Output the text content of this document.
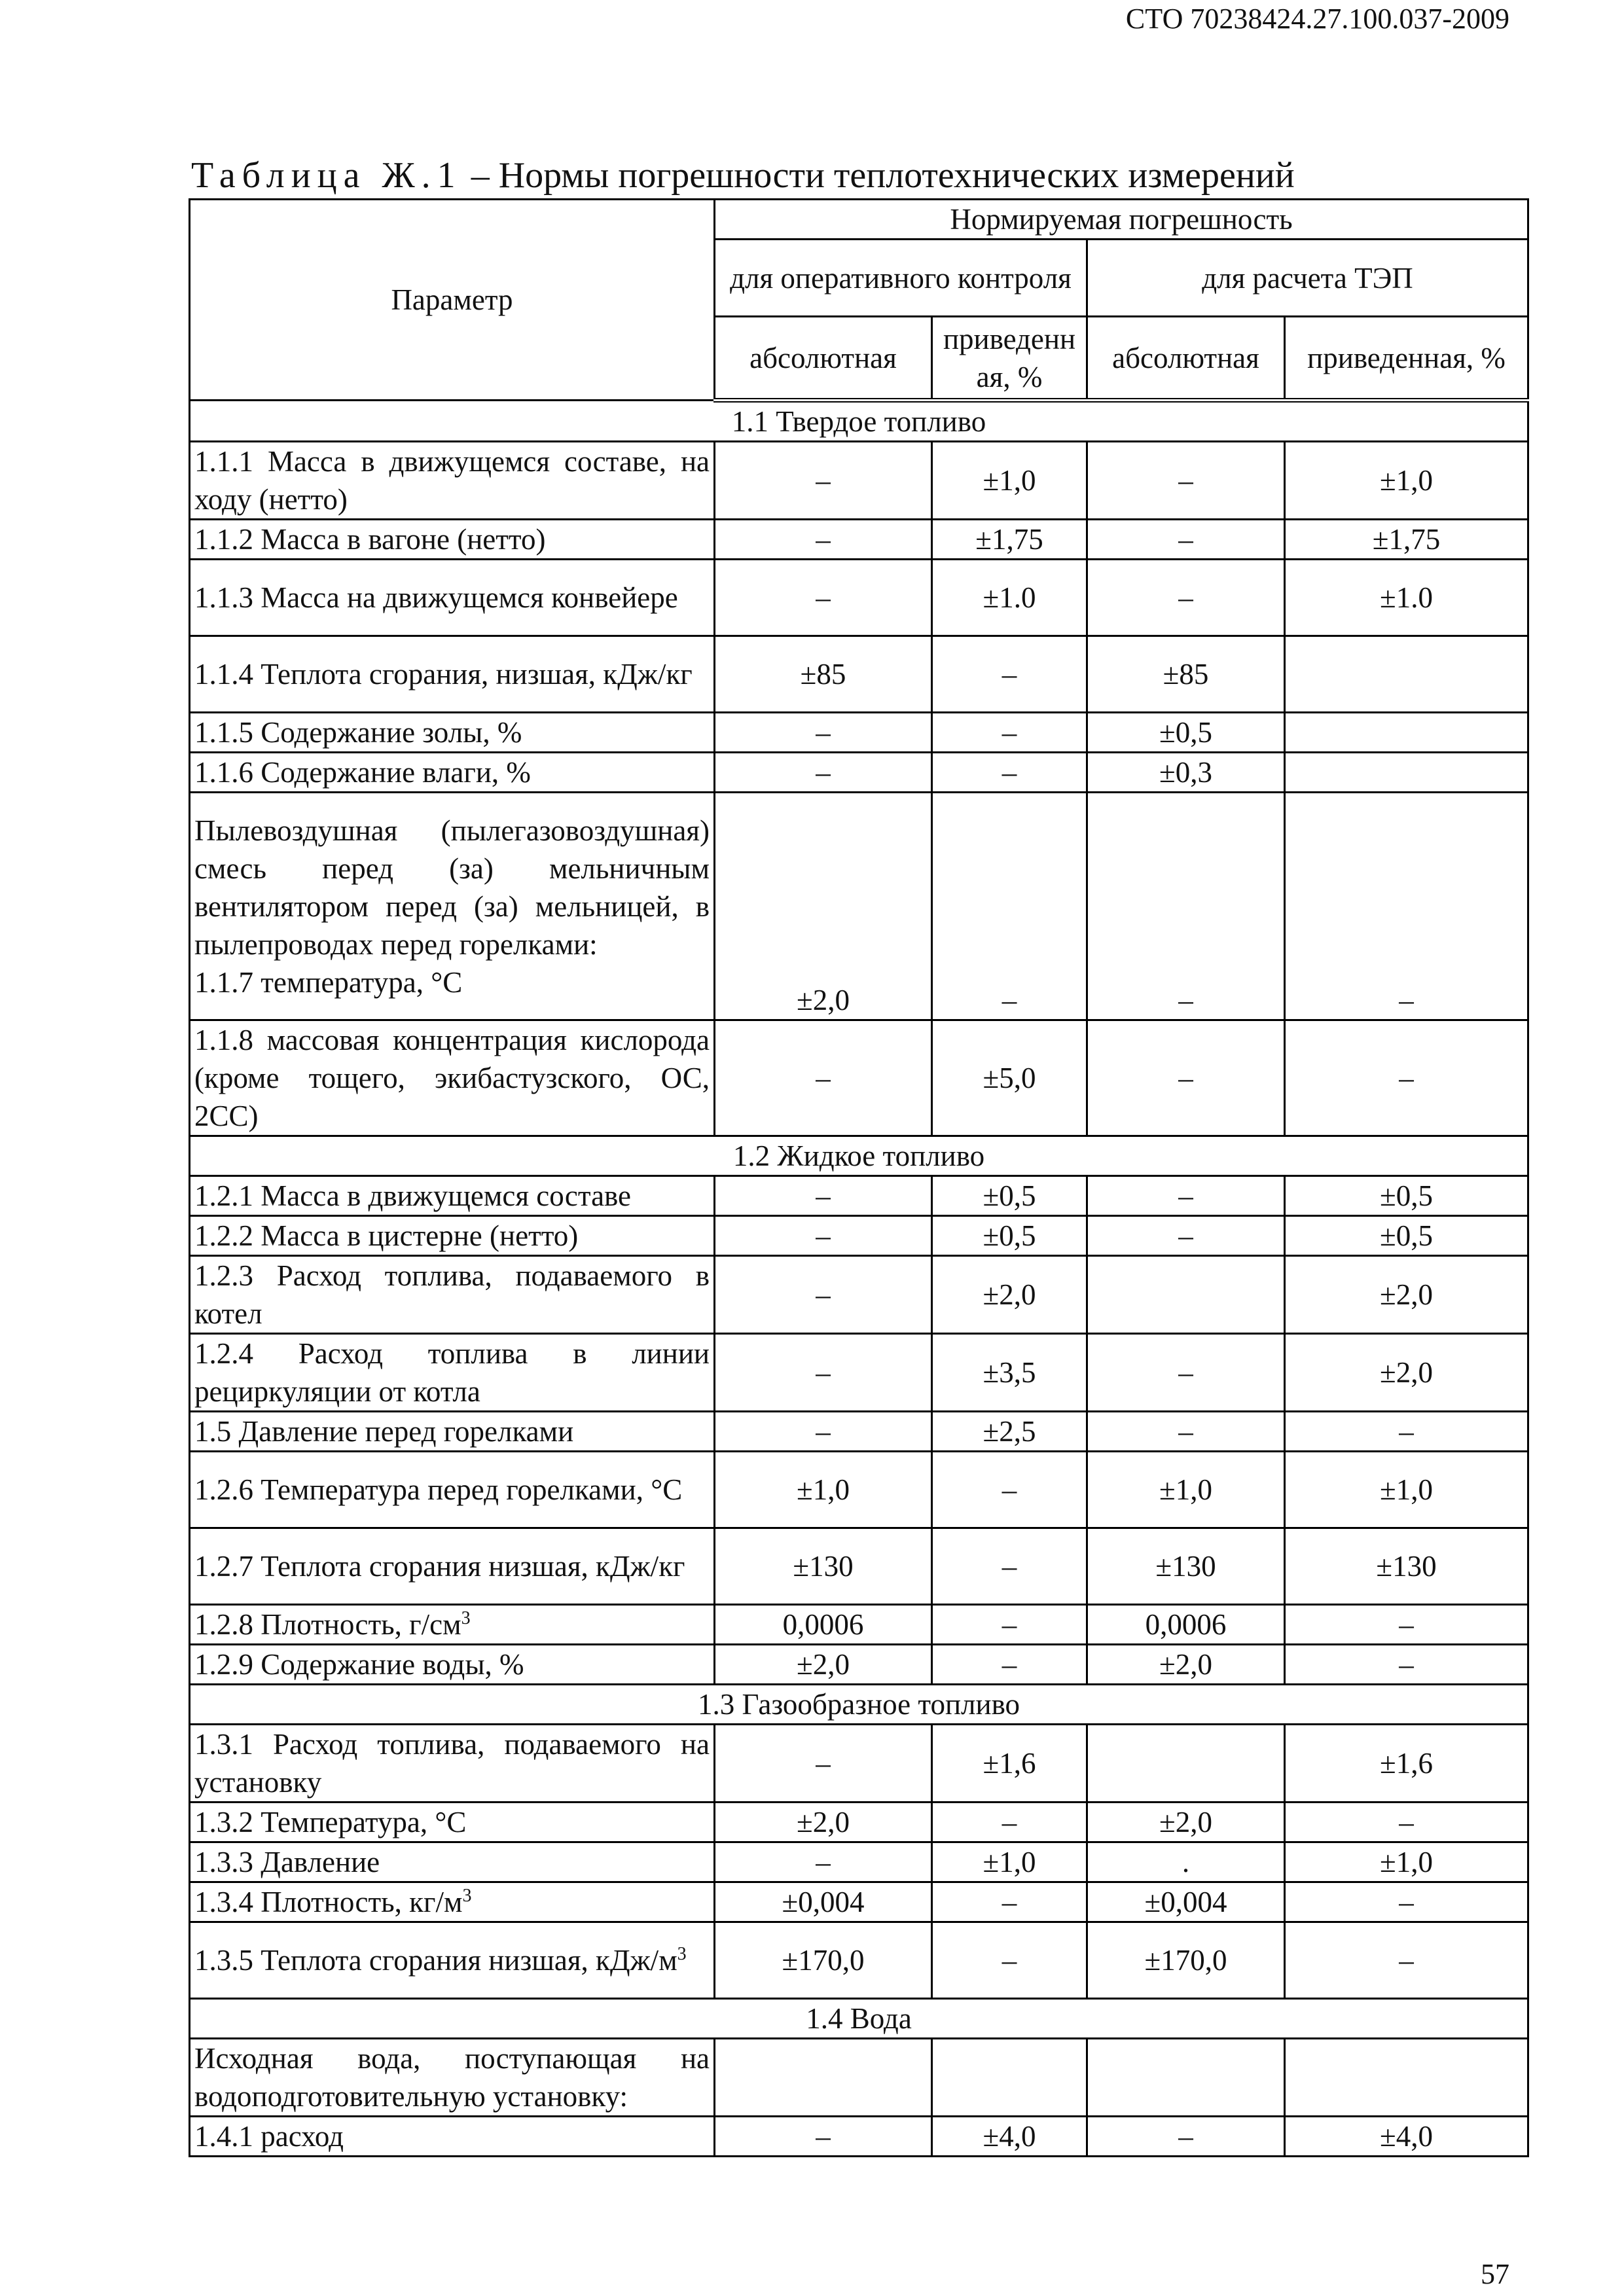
СТО 70238424.27.100.037-2009
Таблица Ж.1 – Нормы погрешности теплотехнических измерений
Параметр	Нормируемая погрешность			
	для оперативного контроля		для расчета ТЭП	
	абсолютная	приведенн ая, %	абсолютная	приведенная, %
1.1 Твердое топливо				
1.1.1 Масса в движущемся составе, на ходу (нетто)	–	±1,0	–	±1,0
1.1.2 Масса в вагоне (нетто)	–	±1,75	–	±1,75
1.1.3 Масса на движущемся конвейере	–	±1.0	–	±1.0
1.1.4 Теплота сгорания, низшая, кДж/кг	±85	–	±85	
1.1.5 Содержание золы, %	–	–	±0,5	
1.1.6 Содержание влаги, %	–	–	±0,3	
Пылевоздушная (пылегазовоздушная) смесь перед (за) мельничным вентилятором перед (за) мельницей, в пылепроводах перед горелками:
1.1.7 температура, °С	±2,0	–	–	–
1.1.8 массовая концентрация кислорода (кроме тощего, экибастузского, ОС, 2СС)	–	±5,0	–	–
1.2 Жидкое топливо				
1.2.1 Масса в движущемся составе	–	±0,5	–	±0,5
1.2.2 Масса в цистерне (нетто)	–	±0,5	–	±0,5
1.2.3 Расход топлива, подаваемого в котел	–	±2,0		±2,0
1.2.4 Расход топлива в линии рециркуляции от котла	–	±3,5	–	±2,0
1.5 Давление перед горелками	–	±2,5	–	–
1.2.6 Температура перед горелками, °С	±1,0	–	±1,0	±1,0
1.2.7 Теплота сгорания низшая, кДж/кг	±130	–	±130	±130
1.2.8 Плотность, $г/см^3$	0,0006	–	0,0006	–
1.2.9 Содержание воды, %	±2,0	–	±2,0	–
1.3 Газообразное топливо				
1.3.1 Расход топлива, подаваемого на установку	–	±1,6		±1,6
1.3.2 Температура, °С	±2,0	–	±2,0	–
1.3.3 Давление	–	±1,0	.	±1,0
1.3.4 Плотность, $кг/м^3$	±0,004	–	±0,004	–
1.3.5 Теплота сгорания низшая, кДж/$м^3$	±170,0	–	±170,0	–
1.4 Вода				
Исходная вода, поступающая на водоподготовительную установку:				
1.4.1 расход	–	±4,0	–	±4,0
57
